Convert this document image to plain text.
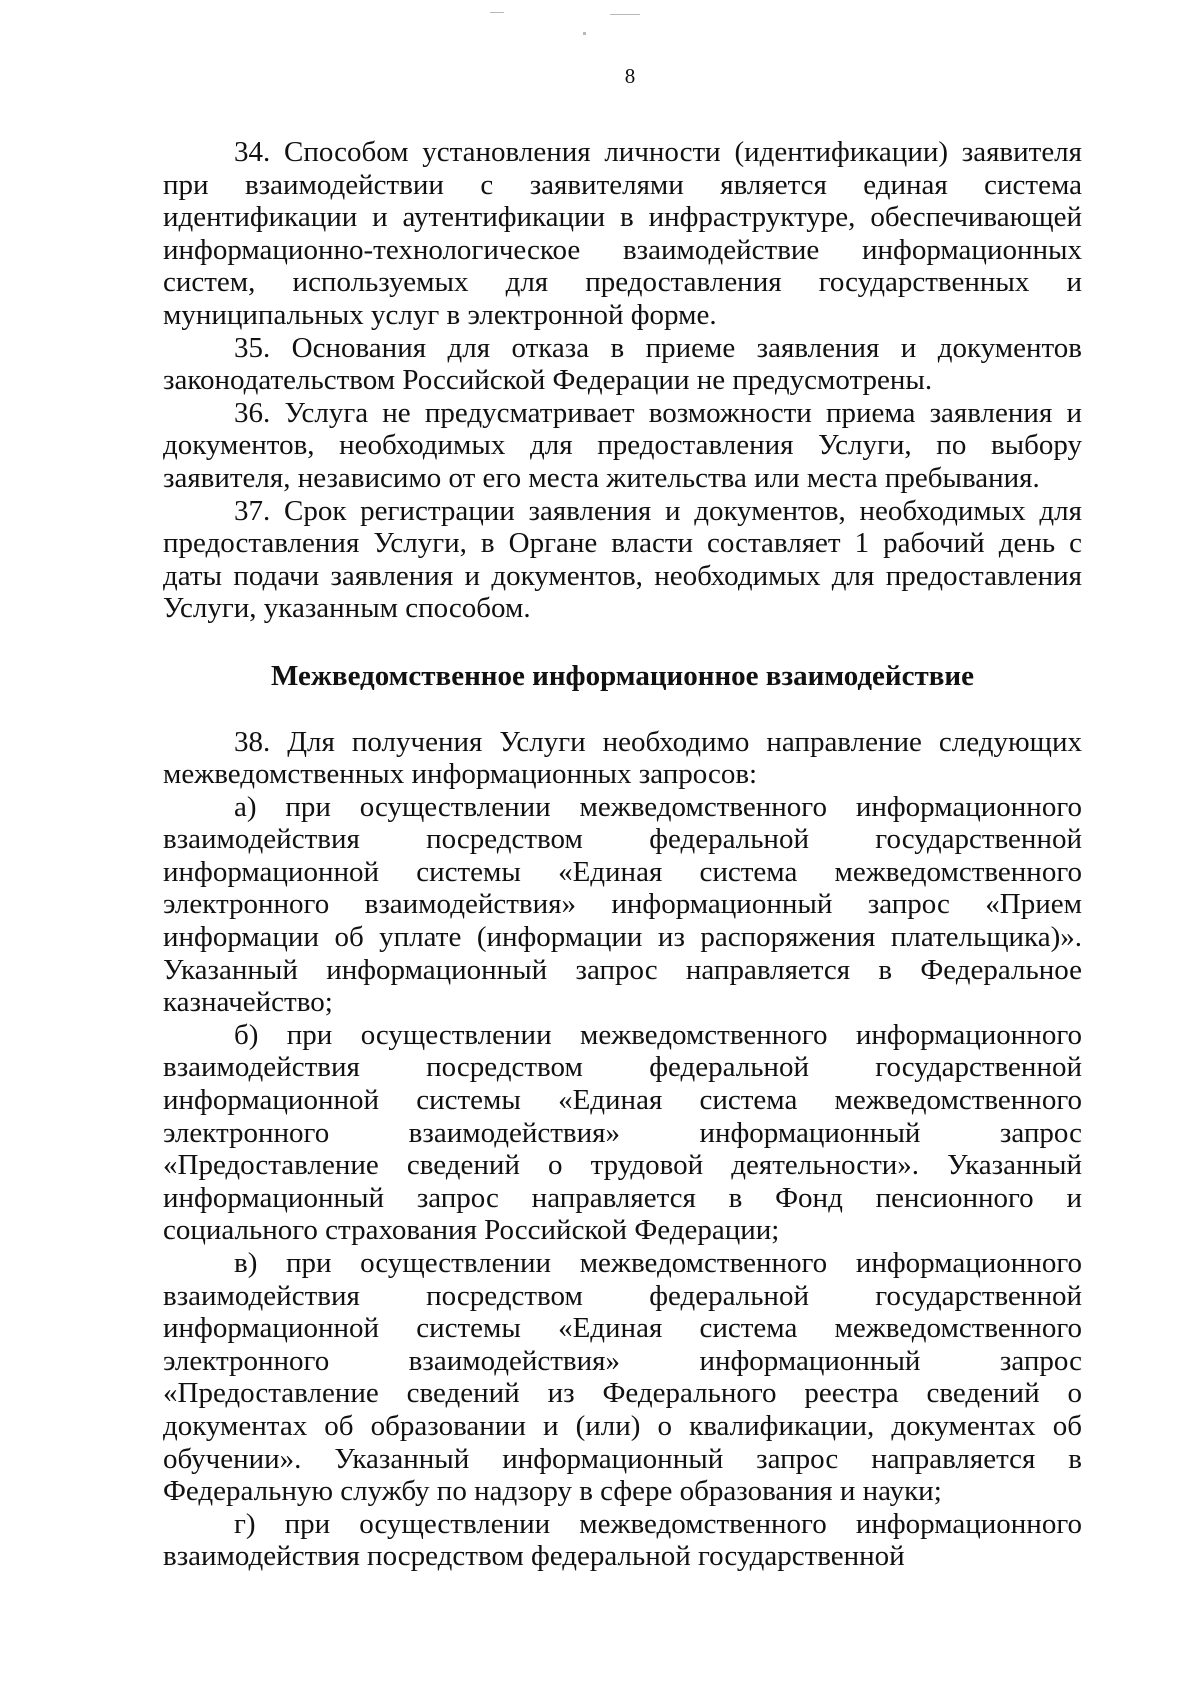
8

34. Способом установления личности (идентификации) заявителя при взаимодействии с заявителями является единая система идентификации и аутентификации в инфраструктуре, обеспечивающей информационно-технологическое взаимодействие информационных систем, используемых для предоставления государственных и муниципальных услуг в электронной форме.

35. Основания для отказа в приеме заявления и документов законодательством Российской Федерации не предусмотрены.

36. Услуга не предусматривает возможности приема заявления и документов, необходимых для предоставления Услуги, по выбору заявителя, независимо от его места жительства или места пребывания.

37. Срок регистрации заявления и документов, необходимых для предоставления Услуги, в Органе власти составляет 1 рабочий день с даты подачи заявления и документов, необходимых для предоставления Услуги, указанным способом.

Межведомственное информационное взаимодействие

38. Для получения Услуги необходимо направление следующих межведомственных информационных запросов:

а) при осуществлении межведомственного информационного взаимодействия посредством федеральной государственной информационной системы «Единая система межведомственного электронного взаимодействия» информационный запрос «Прием информации об уплате (информации из распоряжения плательщика)». Указанный информационный запрос направляется в Федеральное казначейство;

б) при осуществлении межведомственного информационного взаимодействия посредством федеральной государственной информационной системы «Единая система межведомственного электронного взаимодействия» информационный запрос «Предоставление сведений о трудовой деятельности». Указанный информационный запрос направляется в Фонд пенсионного и социального страхования Российской Федерации;

в) при осуществлении межведомственного информационного взаимодействия посредством федеральной государственной информационной системы «Единая система межведомственного электронного взаимодействия» информационный запрос «Предоставление сведений из Федерального реестра сведений о документах об образовании и (или) о квалификации, документах об обучении». Указанный информационный запрос направляется в Федеральную службу по надзору в сфере образования и науки;

г) при осуществлении межведомственного информационного взаимодействия посредством федеральной государственной
